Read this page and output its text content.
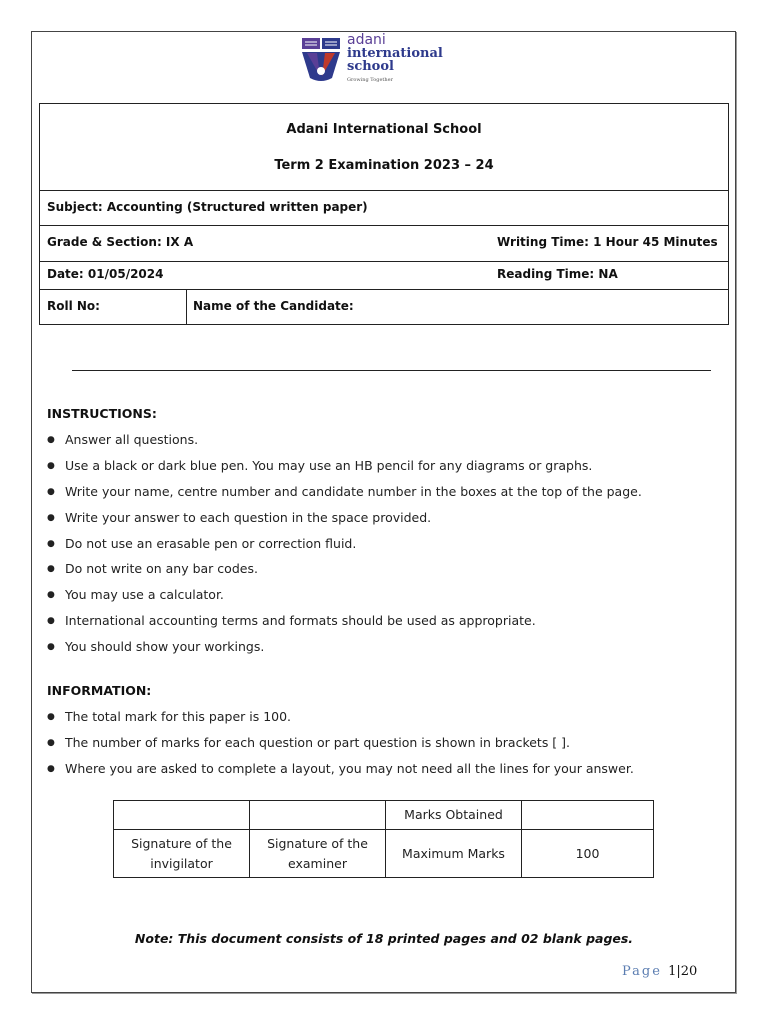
adani
international
school
Growing Together
Adani International School
Term 2 Examination 2023 – 24
Subject: Accounting (Structured written paper)
Grade & Section: IX A	Writing Time: 1 Hour 45 Minutes
Date: 01/05/2024	Reading Time: NA
Roll No:	Name of the Candidate:
INSTRUCTIONS:
● Answer all questions.
● Use a black or dark blue pen. You may use an HB pencil for any diagrams or graphs.
● Write your name, centre number and candidate number in the boxes at the top of the page.
● Write your answer to each question in the space provided.
● Do not use an erasable pen or correction fluid.
● Do not write on any bar codes.
● You may use a calculator.
● International accounting terms and formats should be used as appropriate.
● You should show your workings.
INFORMATION:
● The total mark for this paper is 100.
● The number of marks for each question or part question is shown in brackets [ ].
● Where you are asked to complete a layout, you may not need all the lines for your answer.
		Marks Obtained	
Signature of the invigilator	Signature of the examiner	Maximum Marks	100
Note: This document consists of 18 printed pages and 02 blank pages.
Page 1|20
